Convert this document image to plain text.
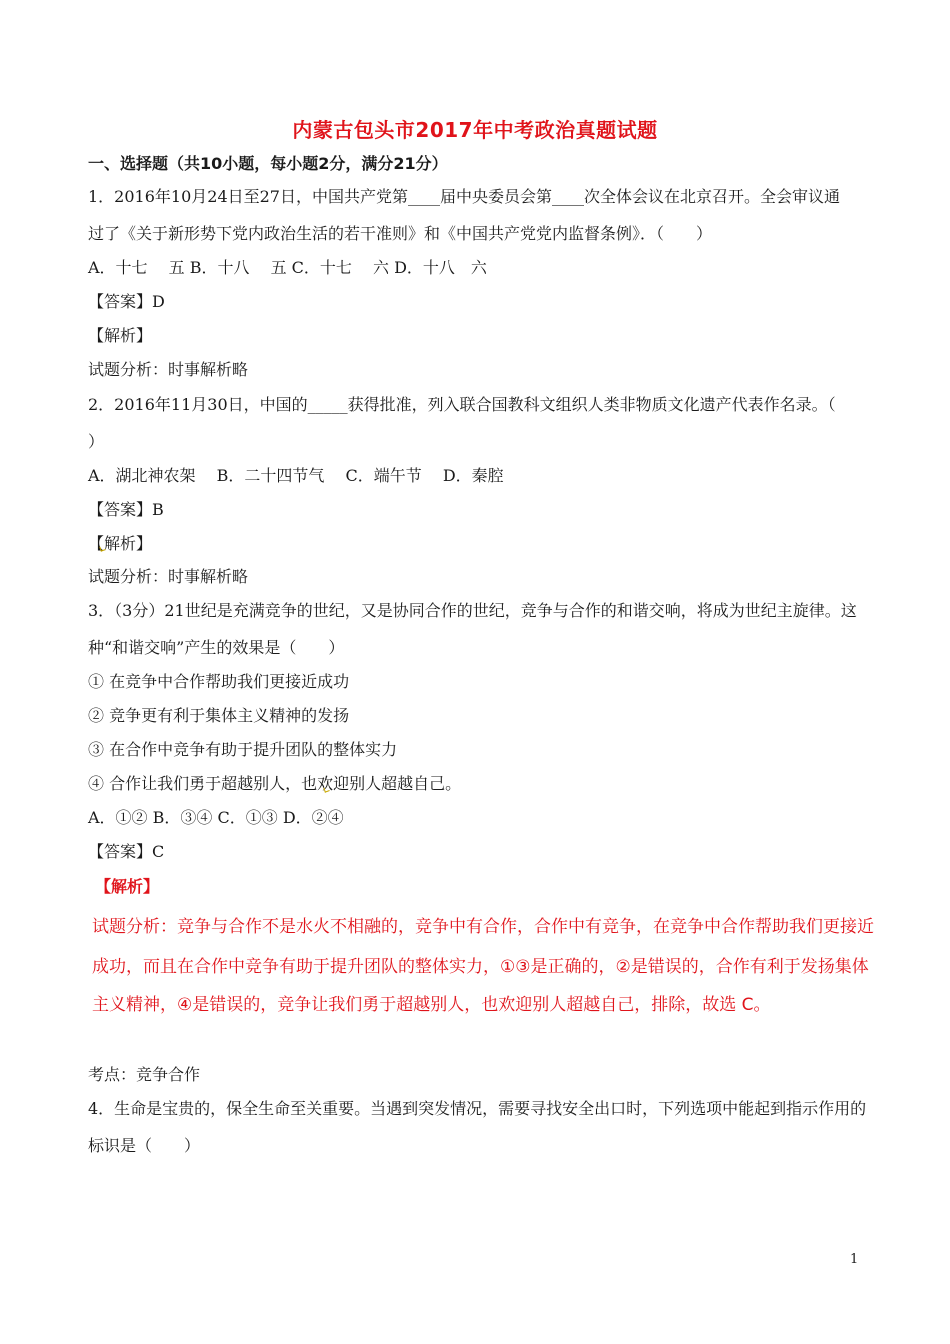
内蒙古包头市2017年中考政治真题试题
一、选择题（共10小题，每小题2分，满分21分）
1．2016年10月24日至27日，中国共产党第____届中央委员会第____次全体会议在北京召开。全会审议通
过了《关于新形势下党内政治生活的若干准则》和《中国共产党党内监督条例》．（　　）
A．十七　 五 B．十八　 五 C．十七　 六 D．十八　六
【答案】D
【解析】
试题分析：时事解析略
2．2016年11月30日，中国的_____获得批准，列入联合国教科文组织人类非物质文化遗产代表作名录。（
）
A．湖北神农架　 B．二十四节气　 C．端午节　 D．秦腔
【答案】B
【解析】
试题分析：时事解析略
3．（3分）21世纪是充满竞争的世纪，又是协同合作的世纪，竞争与合作的和谐交响，将成为世纪主旋律。这
种“和谐交响”产生的效果是（　　）
① 在竞争中合作帮助我们更接近成功
② 竞争更有利于集体主义精神的发扬
③ 在合作中竞争有助于提升团队的整体实力
④ 合作让我们勇于超越别人，也欢迎别人超越自己。
A．①② B．③④ C．①③ D．②④
【答案】C
【解析】
试题分析：竞争与合作不是水火不相融的，竞争中有合作，合作中有竞争，在竞争中合作帮助我们更接近
成功，而且在合作中竞争有助于提升团队的整体实力，①③是正确的，②是错误的，合作有利于发扬集体
主义精神，④是错误的，竞争让我们勇于超越别人，也欢迎别人超越自己，排除，故选 C。
考点：竞争合作
4．生命是宝贵的，保全生命至关重要。当遇到突发情况，需要寻找安全出口时，下列选项中能起到指示作用的
标识是（　　）
1
